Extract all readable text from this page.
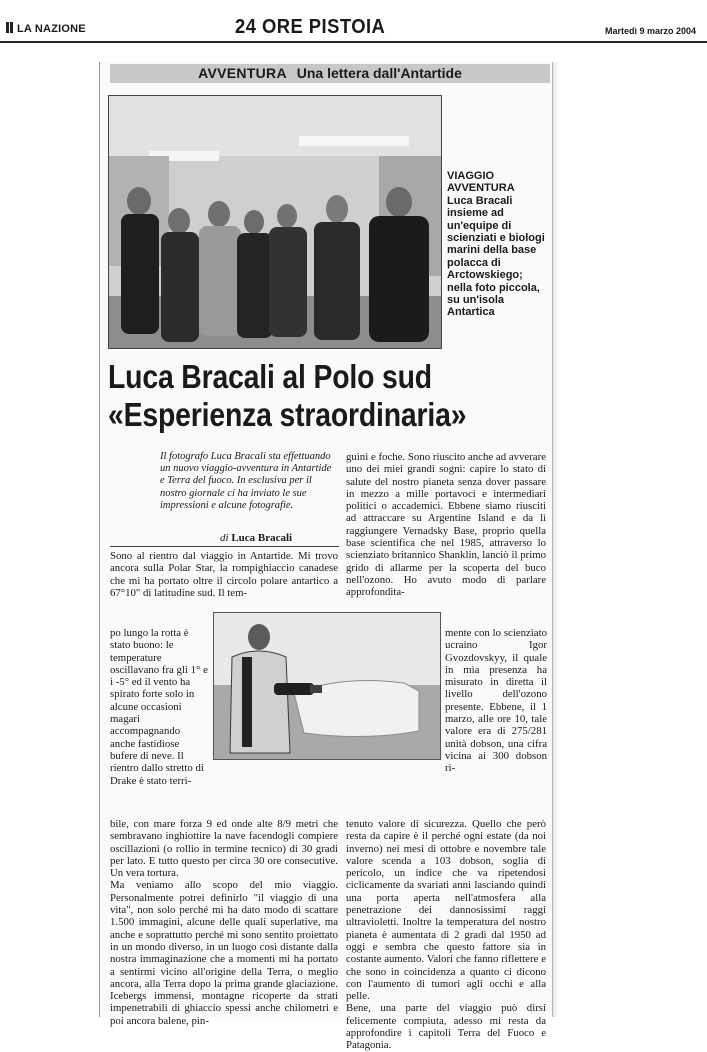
LA NAZIONE	24 ORE PISTOIA	Martedì 9 marzo 2004
AVVENTURA Una lettera dall'Antartide
VIAGGIO AVVENTURA
Luca Bracali insieme ad un'equipe di scienziati e biologi marini della base polacca di Arctowskiego; nella foto piccola, su un'isola Antartica
Luca Bracali al Polo sud
«Esperienza straordinaria»
Il fotografo Luca Bracali sta effettuando un nuovo viaggio-avventura in Antartide e Terra del fuoco. In esclusiva per il nostro giornale ci ha inviato le sue impressioni e alcune fotografie.
di Luca Bracali

Sono al rientro dal viaggio in Antartide. Mi trovo ancora sulla Polar Star, la rompighiaccio canadese che mi ha portato oltre il circolo polare antartico a 67°10" di latitudine sud. Il tem-

po lungo la rotta è stato buono: le temperature oscillavano fra gli 1° e i -5° ed il vento ha spirato forte solo in alcune occasioni magari accompagnando anche fastidiose bufere di neve. Il rientro dallo stretto di Drake è stato terri-

bile, con mare forza 9 ed onde alte 8/9 metri che sembravano inghiottire la nave facendogli compiere oscillazioni (o rollio in termine tecnico) di 30 gradi per lato. E tutto questo per circa 30 ore consecutive. Un vera tortura.

Ma veniamo allo scopo del mio viaggio. Personalmente potrei definirlo "il viaggio di una vita", non solo perché mi ha dato modo di scattare 1.500 immagini, alcune delle quali superlative, ma anche e soprattutto perché mi sono sentito proiettato in un mondo diverso, in un luogo così distante dalla nostra immaginazione che a momenti mi ha portato a sentirmi vicino all'origine della Terra, o meglio ancora, alla Terra dopo la prima grande glaciazione. Icebergs immensi, montagne ricoperte da strati impenetrabili di ghiaccio spessi anche chilometri e poi ancora balene, pin-

guini e foche. Sono riuscito anche ad avverare uno dei miei grandi sogni: capire lo stato di salute del nostro pianeta senza dover passare in mezzo a mille portavoci e intermediari politici o accademici. Ebbene siamo riusciti ad attraccare su Argentine Island e da lì raggiungere Vernadsky Base, proprio quella base scientifica che nel 1985, attraverso lo scienziato britannico Shanklin, lanciò il primo grido di allarme per la scoperta del buco nell'ozono. Ho avuto modo di parlare approfondita-

mente con lo scienziato ucraino Igor Gvozdovskyy, il quale in mia presenza ha misurato in diretta il livello dell'ozono presente. Ebbene, il 1 marzo, alle ore 10, tale valore era di 275/281 unità dobson, una cifra vicina ai 300 dobson ri-

tenuto valore di sicurezza. Quello che però resta da capire è il perché ogni estate (da noi inverno) nei mesi di ottobre e novembre tale valore scenda a 103 dobson, soglia di pericolo, un indice che va ripetendosi ciclicamente da svariati anni lasciando quindi una porta aperta nell'atmosfera alla penetrazione dei dannosissimi raggi ultravioletti. Inoltre la temperatura del nostro pianeta è aumentata di 2 gradi dal 1950 ad oggi e sembra che questo fattore sia in costante aumento. Valori che fanno riflettere e che sono in coincidenza a quanto ci dicono con l'aumento di tumori agli occhi e alla pelle.

Bene, una parte del viaggio può dirsi felicemente compiuta, adesso mi resta da approfondire i capitoli Terra del Fuoco e Patagonia.
